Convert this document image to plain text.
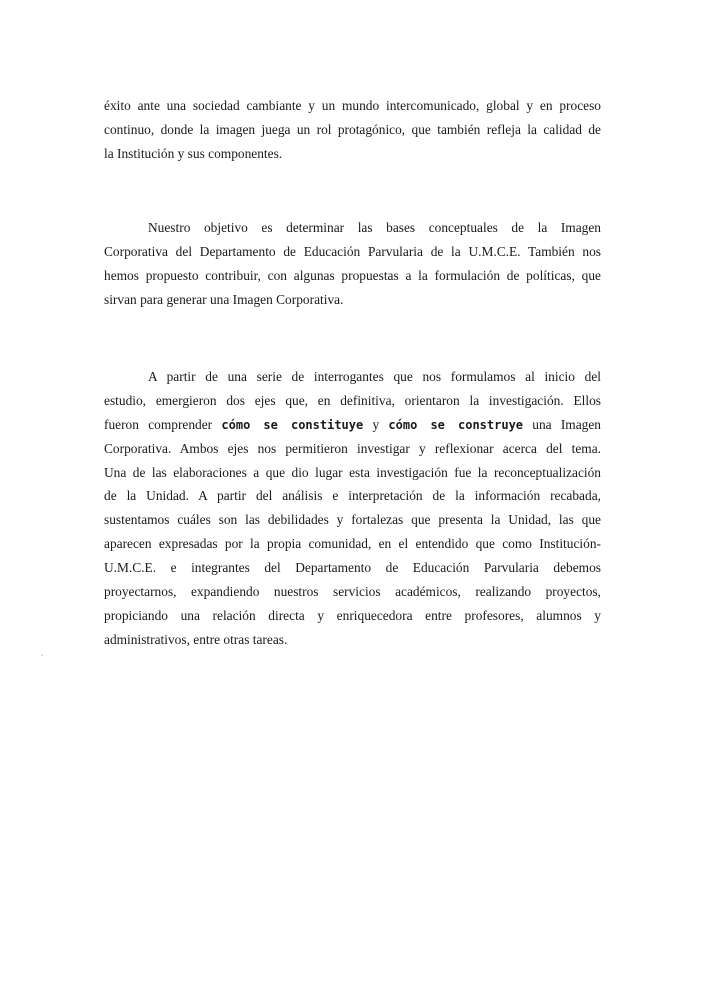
éxito ante una sociedad cambiante y un mundo intercomunicado, global y en proceso
continuo, donde la imagen juega un rol protagónico, que también refleja la calidad de
la Institución y sus componentes.
Nuestro objetivo es determinar las bases conceptuales de la Imagen
Corporativa del Departamento de Educación Parvularia de la U.M.C.E. También nos
hemos propuesto contribuir, con algunas propuestas a la formulación de políticas, que
sirvan para generar una Imagen Corporativa.
A partir de una serie de interrogantes que nos formulamos al inicio del
estudio, emergieron dos ejes que, en definitiva, orientaron la investigación. Ellos
fueron comprender cómo se constituye y cómo se construye una Imagen
Corporativa. Ambos ejes nos permitieron investigar y reflexionar acerca del tema.
Una de las elaboraciones a que dio lugar esta investigación fue la reconceptualización
de la Unidad. A partir del análisis e interpretación de la información recabada,
sustentamos cuáles son las debilidades y fortalezas que presenta la Unidad, las que
aparecen expresadas por la propia comunidad, en el entendido que como Institución-
U.M.C.E. e integrantes del Departamento de Educación Parvularia debemos
proyectarnos, expandiendo nuestros servicios académicos, realizando proyectos,
propiciando una relación directa y enriquecedora entre profesores, alumnos y
administrativos, entre otras tareas.
